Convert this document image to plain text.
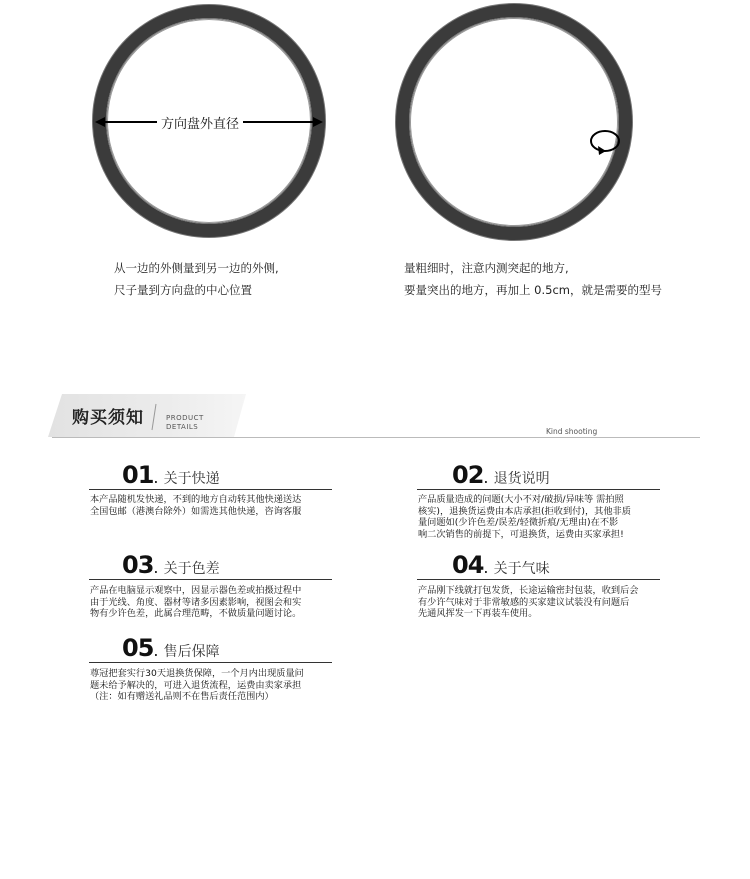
方向盘外直径
从一边的外侧量到另一边的外侧,
尺子量到方向盘的中心位置
量粗细时，注意内测突起的地方,
要量突出的地方，再加上 0.5cm，就是需要的型号
购买须知	PRODUCT
DETAILS	Kind shooting
01. 关于快递
本产品随机发快递，不到的地方自动转其他快递送达
全国包邮（港澳台除外）如需选其他快递，咨询客服
02. 退货说明
产品质量造成的问题(大小不对/破损/异味等 需拍照
核实)，退换货运费由本店承担(拒收到付)，其他非质
量问题如(少许色差/误差/轻微折痕/无理由)在不影
响二次销售的前提下，可退换货，运费由买家承担!
03. 关于色差
产品在电脑显示观察中，因显示器色差或拍摄过程中
由于光线、角度、器材等诸多因素影响，视图会和实
物有少许色差，此属合理范畴，不做质量问题讨论。
04. 关于气味
产品刚下线就打包发货，长途运输密封包装，收到后会
有少许气味对于非常敏感的买家建议试装没有问题后
先通风挥发一下再装车使用。
05. 售后保障
尊冠把套实行30天退换货保障，一个月内出现质量问
题未给予解决的，可进入退货流程，运费由卖家承担
（注：如有赠送礼品则不在售后责任范围内）
